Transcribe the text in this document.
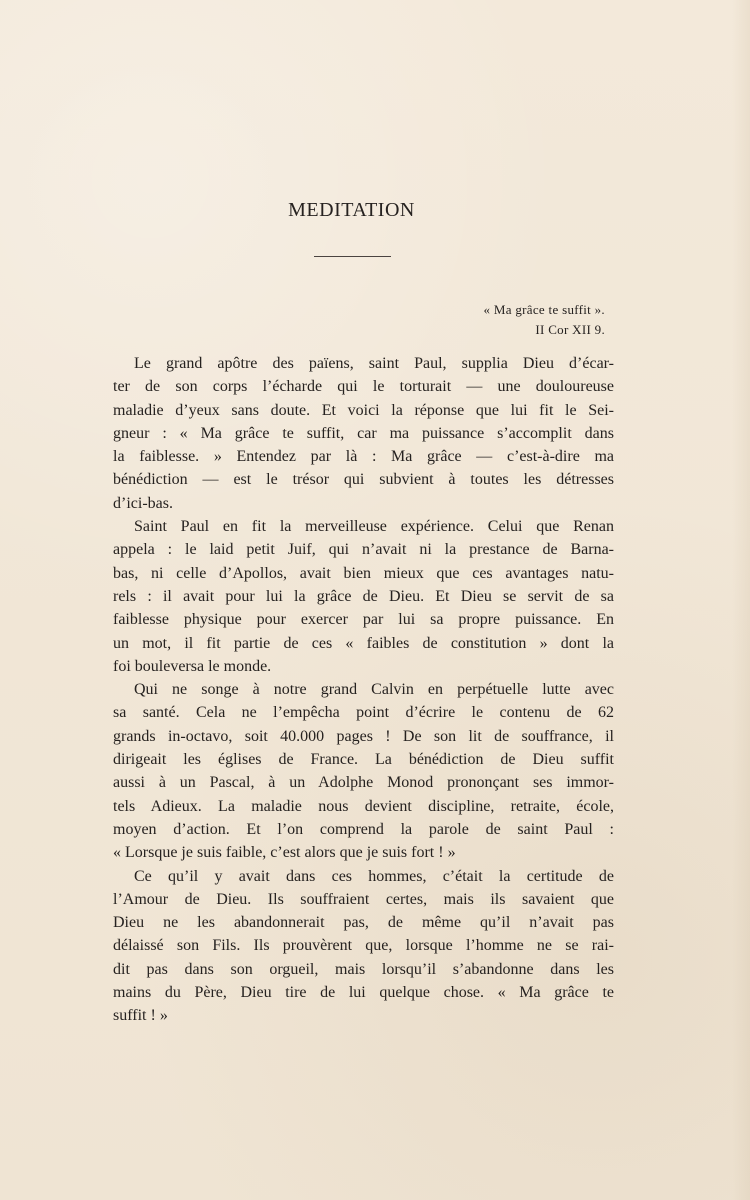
MEDITATION
« Ma grâce te suffit ».
II Cor XII 9.
Le grand apôtre des païens, saint Paul, supplia Dieu d’écar-
ter de son corps l’écharde qui le torturait — une douloureuse
maladie d’yeux sans doute. Et voici la réponse que lui fit le Sei-
gneur : « Ma grâce te suffit, car ma puissance s’accomplit dans
la faiblesse. » Entendez par là : Ma grâce — c’est-à-dire ma
bénédiction — est le trésor qui subvient à toutes les détresses
d’ici-bas.
Saint Paul en fit la merveilleuse expérience. Celui que Renan
appela : le laid petit Juif, qui n’avait ni la prestance de Barna-
bas, ni celle d’Apollos, avait bien mieux que ces avantages natu-
rels : il avait pour lui la grâce de Dieu. Et Dieu se servit de sa
faiblesse physique pour exercer par lui sa propre puissance. En
un mot, il fit partie de ces « faibles de constitution » dont la
foi bouleversa le monde.
Qui ne songe à notre grand Calvin en perpétuelle lutte avec
sa santé. Cela ne l’empêcha point d’écrire le contenu de 62
grands in-octavo, soit 40.000 pages ! De son lit de souffrance, il
dirigeait les églises de France. La bénédiction de Dieu suffit
aussi à un Pascal, à un Adolphe Monod prononçant ses immor-
tels Adieux. La maladie nous devient discipline, retraite, école,
moyen d’action. Et l’on comprend la parole de saint Paul :
« Lorsque je suis faible, c’est alors que je suis fort ! »
Ce qu’il y avait dans ces hommes, c’était la certitude de
l’Amour de Dieu. Ils souffraient certes, mais ils savaient que
Dieu ne les abandonnerait pas, de même qu’il n’avait pas
délaissé son Fils. Ils prouvèrent que, lorsque l’homme ne se rai-
dit pas dans son orgueil, mais lorsqu’il s’abandonne dans les
mains du Père, Dieu tire de lui quelque chose. « Ma grâce te
suffit ! »
